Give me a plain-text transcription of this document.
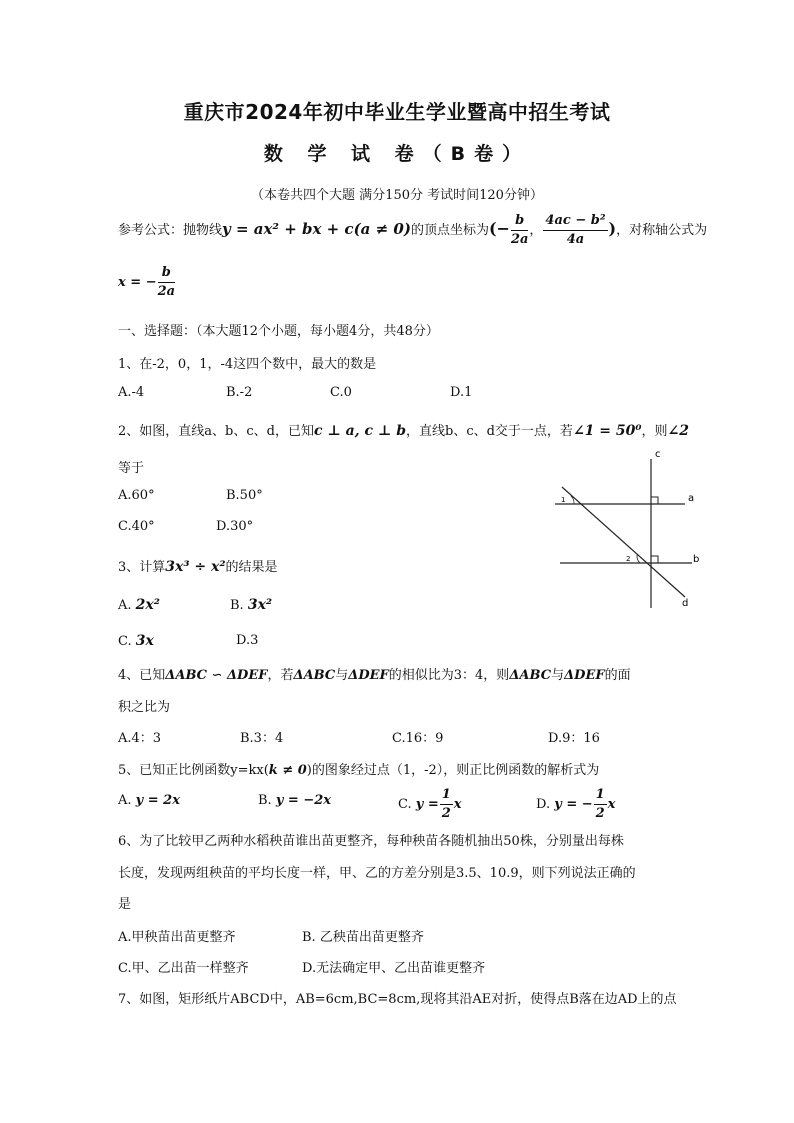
重庆市2024年初中毕业生学业暨高中招生考试
数 学 试 卷（B卷）
（本卷共四个大题 满分150分 考试时间120分钟）
参考公式：抛物线y = ax² + bx + c(a ≠ 0)的顶点坐标为(− $\frac{b}{2a}$ ， $\frac{\text{4ac − b²}}{4a}$ )，对称轴公式为
x = − $\frac{b}{2a}$
一、选择题：（本大题12个小题，每小题4分，共48分）
1、在-2，0，1，-4这四个数中，最大的数是
A.-4	B.-2	C.0	D.1
2、如图，直线a、b、c、d，已知c ⊥ a, c ⊥ b，直线b、c、d交于一点，若∠1 = 50⁰，则∠2
等于
A.60°	B.50°
C.40°	D.30°
c
a
b
d
1
2
3、计算3x³ ÷ x²的结果是
A. 2x²	B. 3x²
C. 3x	D.3
4、已知ΔABC ∽ ΔDEF，若ΔABC与ΔDEF的相似比为3：4，则ΔABC与ΔDEF的面
积之比为
A.4：3	B.3：4	C.16：9	D.9：16
5、已知正比例函数y=kx(k ≠ 0)的图象经过点（1，-2），则正比例函数的解析式为
A. y = 2x	B. y = −2x	C. $y = \frac{1}{2}$ x	D. y = − $\frac{1}{2}$ x
6、为了比较甲乙两种水稻秧苗谁出苗更整齐，每种秧苗各随机抽出50株，分别量出每株
长度，发现两组秧苗的平均长度一样，甲、乙的方差分别是3.5、10.9，则下列说法正确的
是
A.甲秧苗出苗更整齐	B. 乙秧苗出苗更整齐
C.甲、乙出苗一样整齐	D.无法确定甲、乙出苗谁更整齐
7、如图，矩形纸片ABCD中，AB=6cm,BC=8cm,现将其沿AE对折，使得点B落在边AD上的点
